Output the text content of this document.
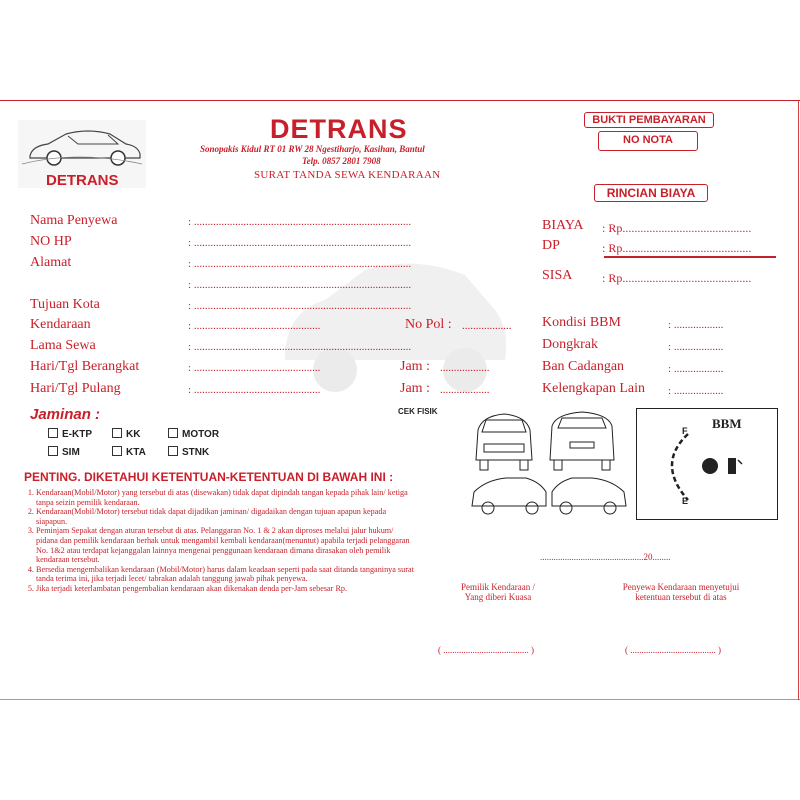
DETRANS
DETRANS
Sonopakis Kidul RT 01 RW 28 Ngestiharjo, Kasihan, Bantul
Telp. 0857 2801 7908
SURAT TANDA SEWA KENDARAAN
BUKTI PEMBAYARAN
NO NOTA
RINCIAN BIAYA
Nama Penyewa	: ...............................................................................
NO HP	: ...............................................................................
Alamat	: ...............................................................................
: ...............................................................................
Tujuan Kota	: ...............................................................................
Kendaraan	: ..............................................	No Pol : ..................
Lama Sewa	: ...............................................................................
Hari/Tgl Berangkat	: ..............................................	Jam : ..................
Hari/Tgl Pulang	: ..............................................	Jam : ..................
BIAYA : Rp...........................................
DP	: Rp...........................................
SISA : Rp...........................................
Kondisi BBM	: ..................
Dongkrak	: ..................
Ban Cadangan	: ..................
Kelengkapan Lain : ..................
Jaminan :
E-KTP	KK	MOTOR
SIM	KTA	STNK
CEK FISIK
BBM
F
E
PENTING. DIKETAHUI KETENTUAN-KETENTUAN DI BAWAH INI :
1. Kendaraan(Mobil/Motor) yang tersebut di atas (disewakan) tidak dapat dipindah tangan kepada pihak lain/ ketiga tanpa seizin pemilik kendaraan.
2. Kendaraan(Mobil/Motor) tersebut tidak dapat dijadikan jaminan/ digadaikan dengan tujuan apapun kepada siapapun.
3. Peminjam Sepakat dengan aturan tersebut di atas. Pelanggaran No. 1 & 2 akan diproses melalui jalur hukum/ pidana dan pemilik kendaraan berhak untuk mengambil kembali kendaraan(menuntut) apabila terjadi pelanggaran No. 1&2 atau terdapat kejanggalan lainnya mengenai penggunaan kendaraan dimana dirasakan oleh pemilik kendaraan tersebut.
4. Bersedia mengembalikan kendaraan (Mobil/Motor) harus dalam keadaan seperti pada saat ditanda tanganinya surat tanda terima ini, jika terjadi lecet/ tabrakan adalah tanggung jawab pihak penyewa.
5. Jika terjadi keterlambatan pengembalian kendaraan akan dikenakan denda per-Jam sebesar Rp.
..............................................20........
Pemilik Kendaraan /
Yang diberi Kuasa
Penyewa Kendaraan menyetujui
ketentuan tersebut di atas
( ...................................... )	( ...................................... )
